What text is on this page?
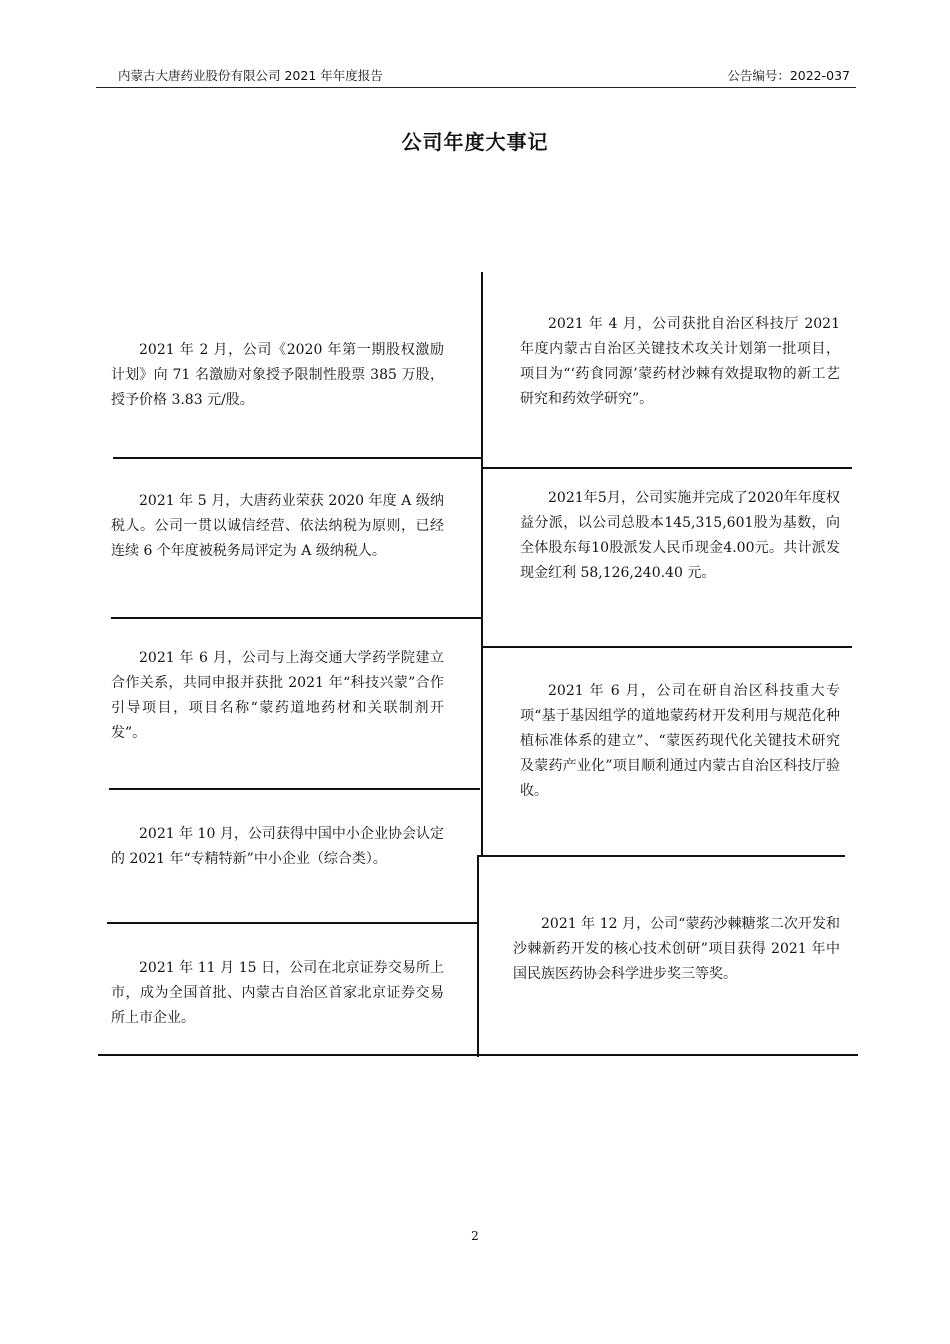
内蒙古大唐药业股份有限公司 2021 年年度报告	公告编号：2022-037
公司年度大事记
2021 年 2 月，公司《2020 年第一期股权激励计划》向 71 名激励对象授予限制性股票 385 万股，授予价格 3.83 元/股。
2021 年 5 月，大唐药业荣获 2020 年度 A 级纳税人。公司一贯以诚信经营、依法纳税为原则，已经连续 6 个年度被税务局评定为 A 级纳税人。
2021 年 6 月，公司与上海交通大学药学院建立合作关系，共同申报并获批 2021 年“科技兴蒙”合作引导项目，项目名称“蒙药道地药材和关联制剂开发”。
2021 年 10 月，公司获得中国中小企业协会认定的 2021 年“专精特新”中小企业（综合类）。
2021 年 11 月 15 日，公司在北京证券交易所上市，成为全国首批、内蒙古自治区首家北京证券交易所上市企业。
2021 年 4 月，公司获批自治区科技厅 2021 年度内蒙古自治区关键技术攻关计划第一批项目，项目为“‘药食同源’蒙药材沙棘有效提取物的新工艺研究和药效学研究”。
2021年5月，公司实施并完成了2020年年度权益分派，以公司总股本145,315,601股为基数，向全体股东每10股派发人民币现金4.00元。共计派发现金红利 58,126,240.40 元。
2021 年 6 月，公司在研自治区科技重大专项“基于基因组学的道地蒙药材开发利用与规范化种植标准体系的建立”、“蒙医药现代化关键技术研究及蒙药产业化”项目顺利通过内蒙古自治区科技厅验收。
2021 年 12 月，公司“蒙药沙棘糖浆二次开发和沙棘新药开发的核心技术创研”项目获得 2021 年中国民族医药协会科学进步奖三等奖。
2
